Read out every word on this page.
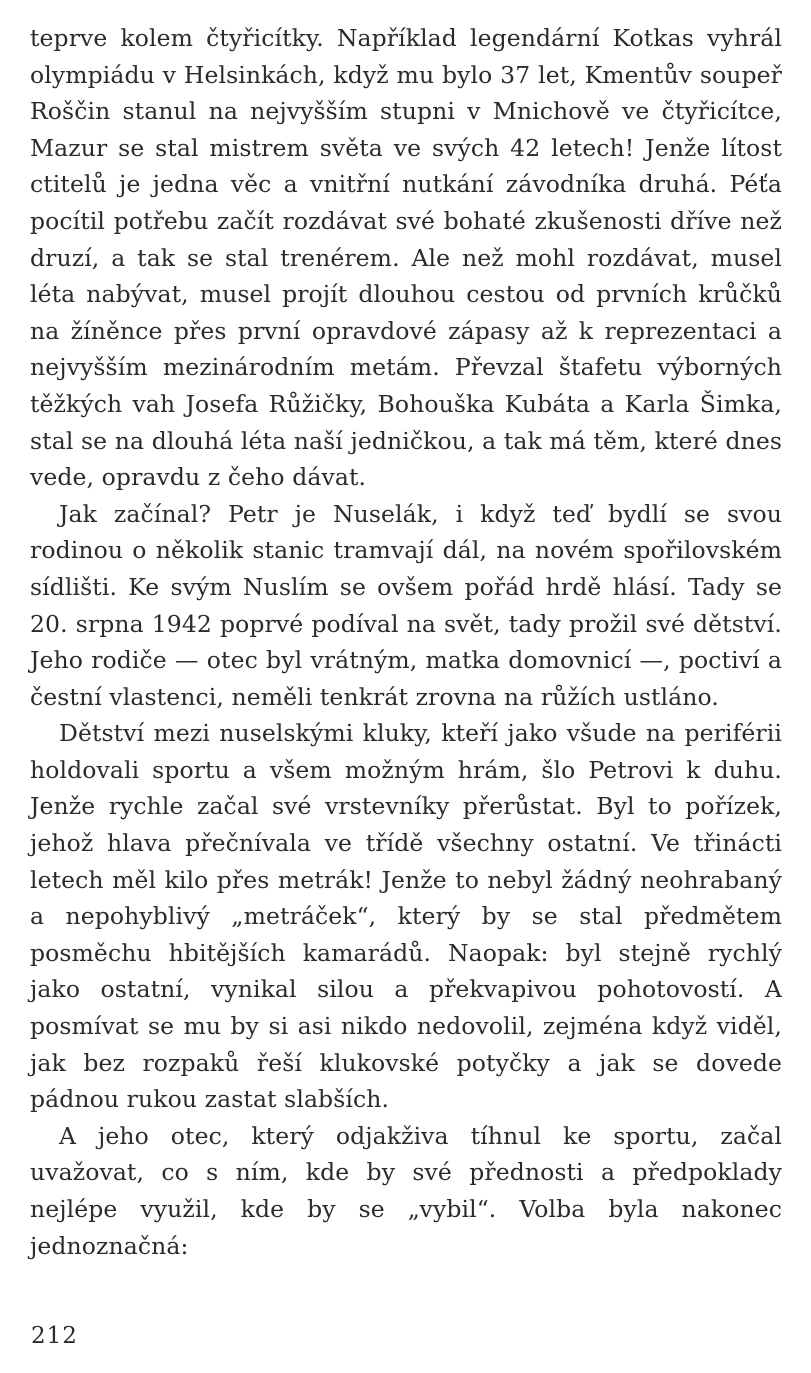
teprve kolem čtyřicítky. Například legendární Kotkas vyhrál olympiádu v Helsinkách, když mu bylo 37 let, Kmentův soupeř Roščin stanul na nejvyšším stupni v Mnichově ve čtyřicítce, Mazur se stal mistrem světa ve svých 42 letech! Jenže lítost ctitelů je jedna věc a vnitřní nutkání závodníka druhá. Péťa pocítil potřebu začít rozdávat své bohaté zkušenosti dříve než druzí, a tak se stal trenérem. Ale než mohl rozdávat, musel léta nabývat, musel projít dlouhou cestou od prvních krůčků na žíněnce přes první opravdové zápasy až k reprezentaci a nejvyšším mezinárodním metám. Převzal štafetu výborných těžkých vah Josefa Růžičky, Bohouška Kubáta a Karla Šimka, stal se na dlouhá léta naší jedničkou, a tak má těm, které dnes vede, opravdu z čeho dávat.

Jak začínal? Petr je Nuselák, i když teď bydlí se svou rodinou o několik stanic tramvají dál, na novém spořilovském sídlišti. Ke svým Nuslím se ovšem pořád hrdě hlásí. Tady se 20. srpna 1942 poprvé podíval na svět, tady prožil své dětství. Jeho rodiče — otec byl vrátným, matka domovnicí —, poctiví a čestní vlastenci, neměli tenkrát zrovna na růžích ustláno.

Dětství mezi nuselskými kluky, kteří jako všude na periférii holdovali sportu a všem možným hrám, šlo Petrovi k duhu. Jenže rychle začal své vrstevníky přerůstat. Byl to pořízek, jehož hlava přečnívala ve třídě všechny ostatní. Ve třinácti letech měl kilo přes metrák! Jenže to nebyl žádný neohrabaný a nepohyblivý „metráček“, který by se stal předmětem posměchu hbitějších kamarádů. Naopak: byl stejně rychlý jako ostatní, vynikal silou a překvapivou pohotovostí. A posmívat se mu by si asi nikdo nedovolil, zejména když viděl, jak bez rozpaků řeší klukovské potyčky a jak se dovede pádnou rukou zastat slabších.

A jeho otec, který odjakživa tíhnul ke sportu, začal uvažovat, co s ním, kde by své přednosti a předpoklady nejlépe využil, kde by se „vybil“. Volba byla nakonec jednoznačná:

212
